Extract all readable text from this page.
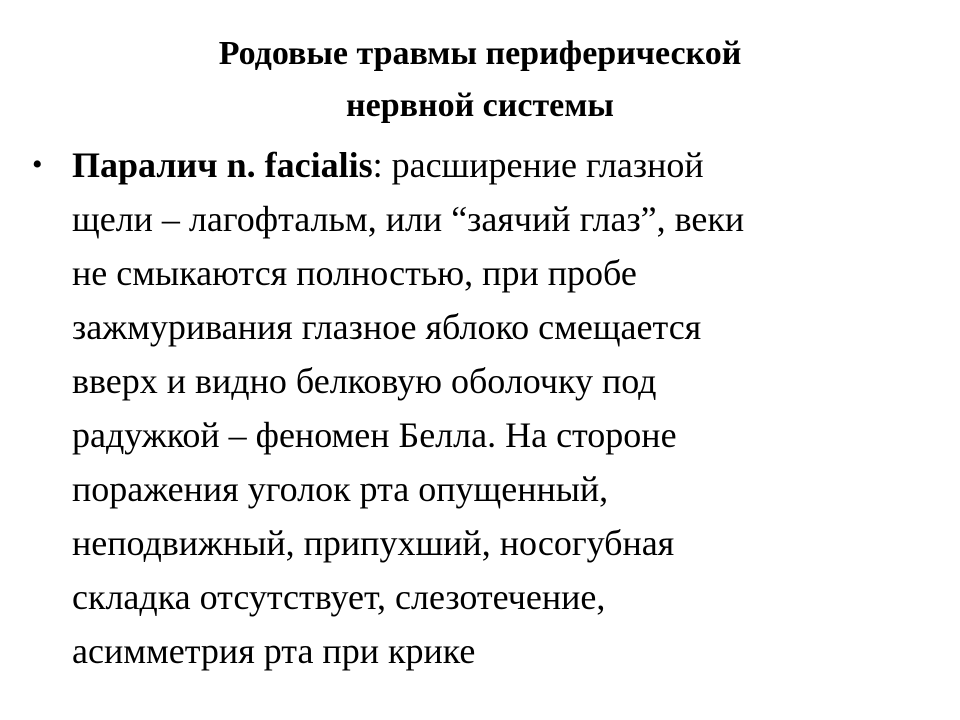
Родовые травмы периферической
нервной системы
• Паралич n. facialis: расширение глазной
щели – лагофтальм, или “заячий глаз”, веки
не смыкаются полностью, при пробе
зажмуривания глазное яблоко смещается
вверх и видно белковую оболочку под
радужкой – феномен Белла. На стороне
поражения уголок рта опущенный,
неподвижный, припухший, носогубная
складка отсутствует, слезотечение,
асимметрия рта при крике
